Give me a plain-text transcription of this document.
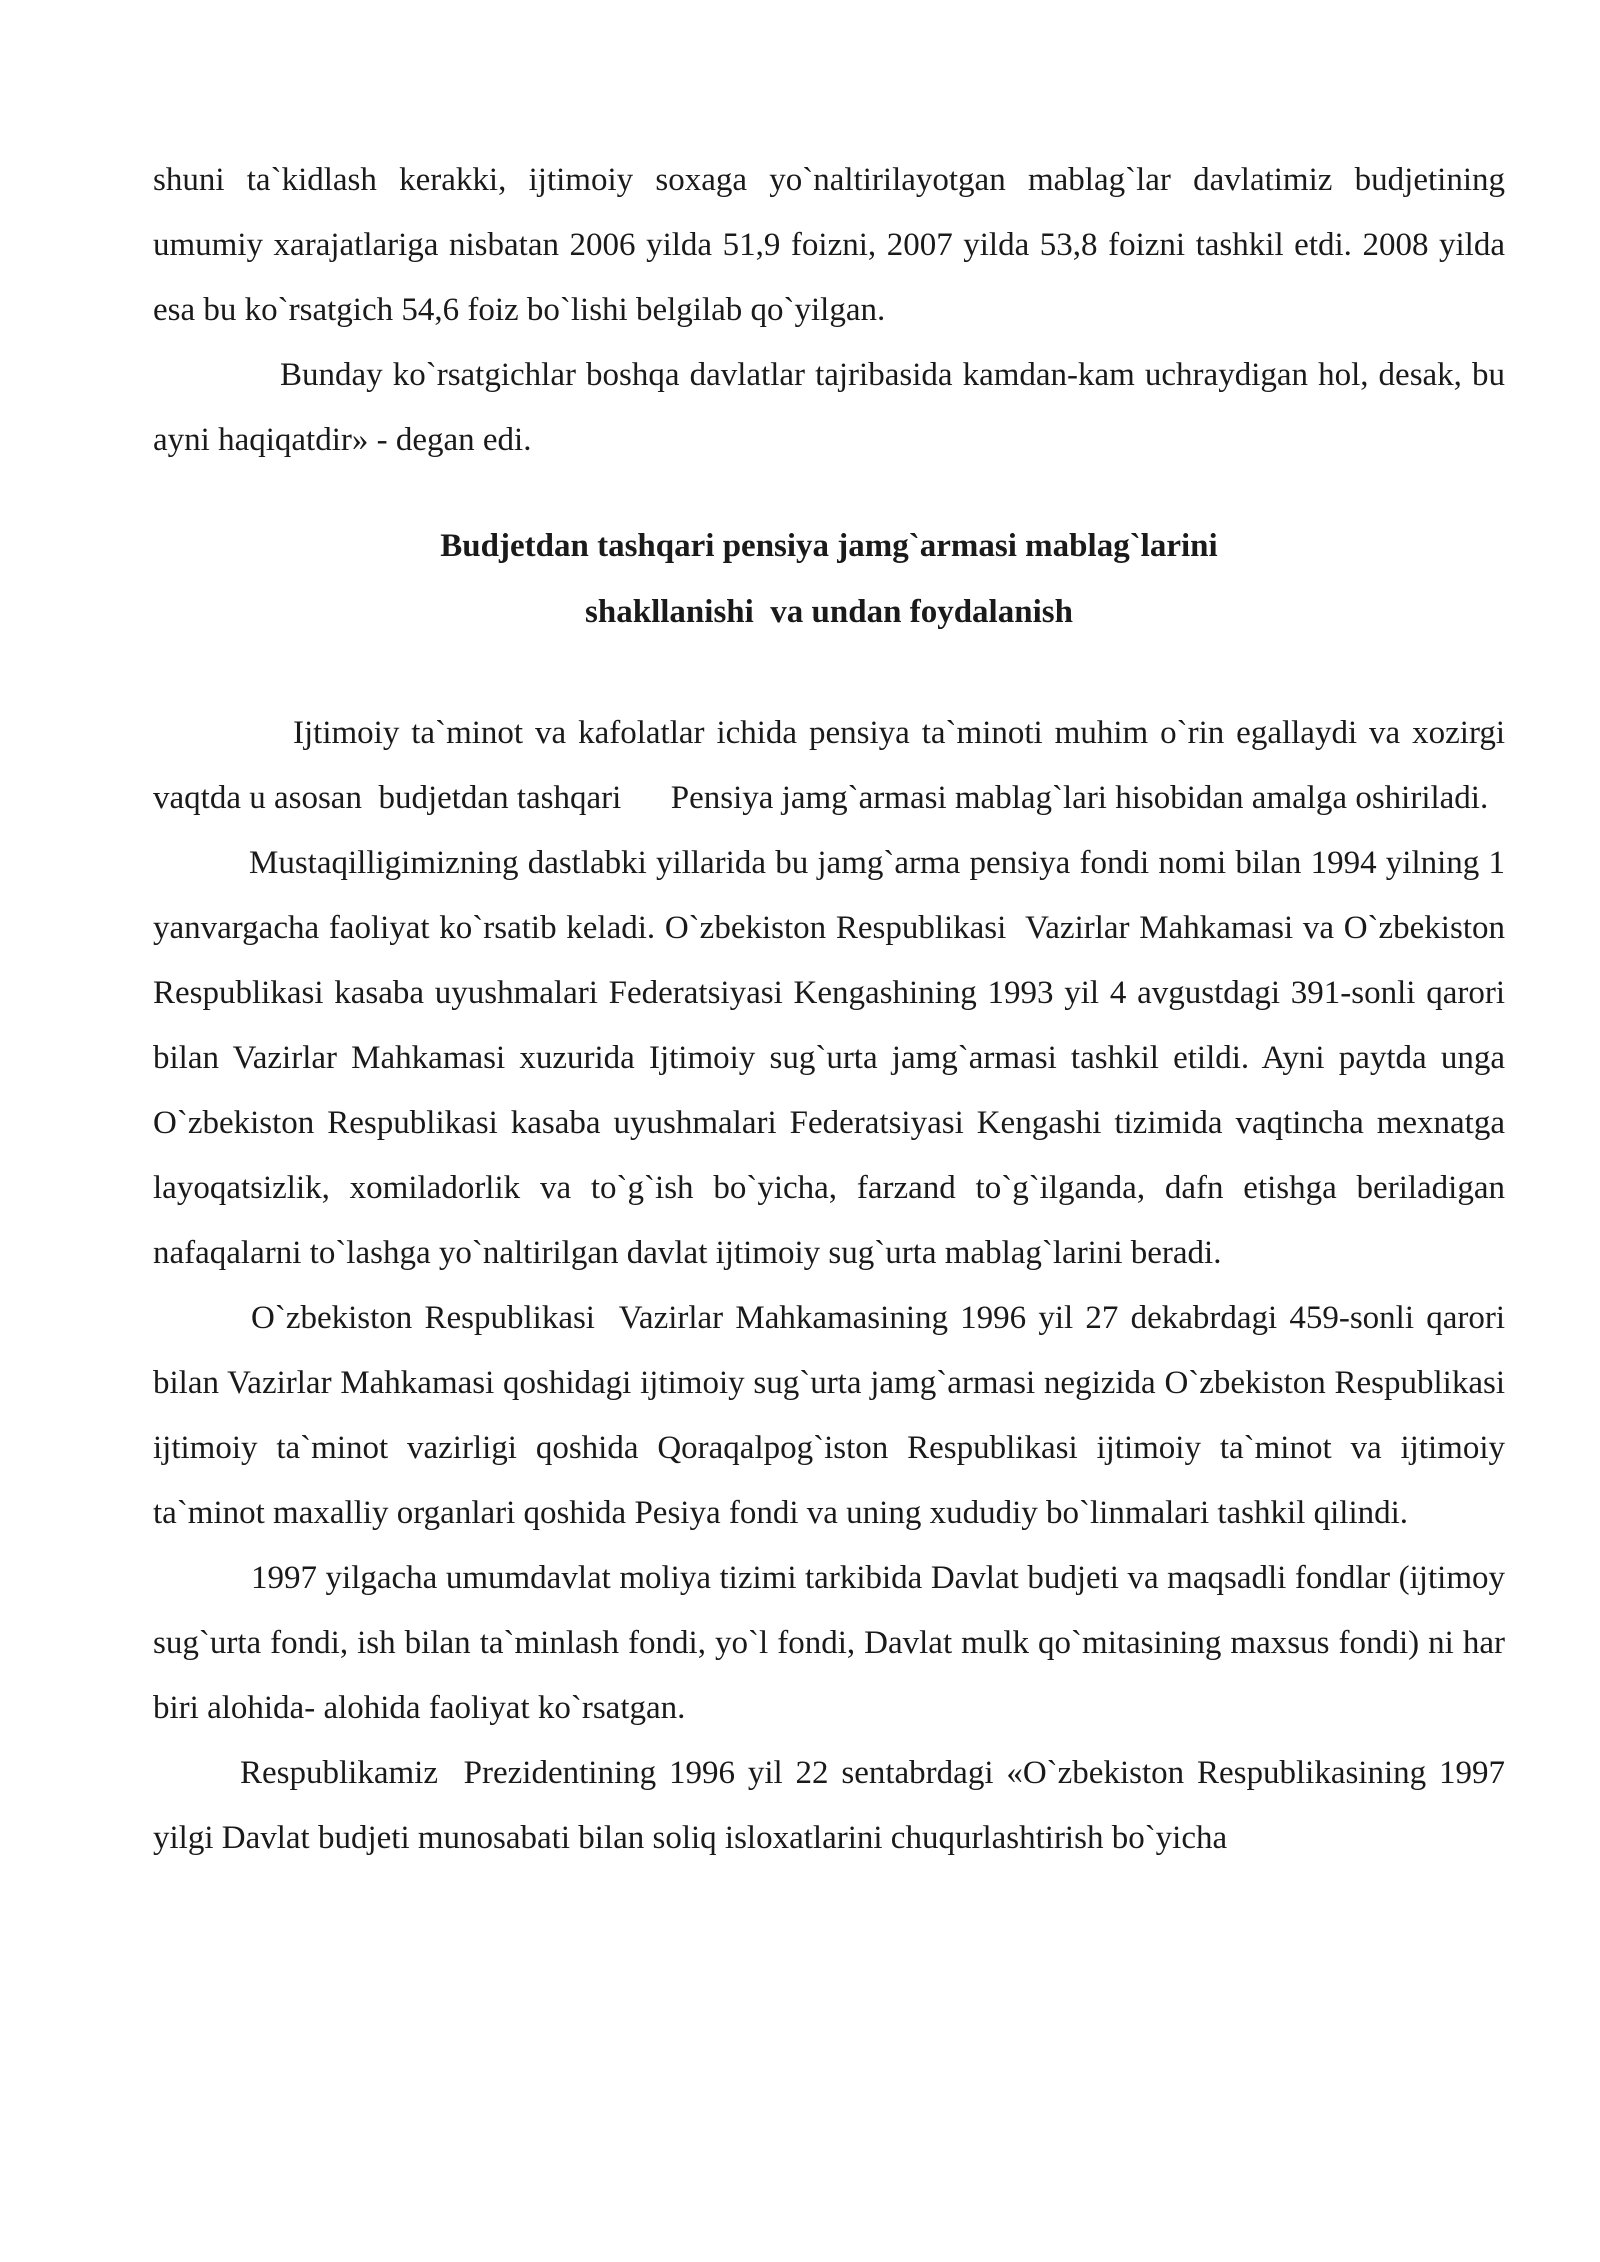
shuni ta`kidlash kerakki, ijtimoiy soxaga yo`naltirilayotgan mablag`lar davlatimiz budjetining umumiy xarajatlariga nisbatan 2006 yilda 51,9 foizni, 2007 yilda 53,8 foizni tashkil etdi. 2008 yilda esa bu ko`rsatgich 54,6 foiz bo`lishi belgilab qo`yilgan.

Bunday ko`rsatgichlar boshqa davlatlar tajribasida kamdan-kam uchraydigan hol, desak, bu ayni haqiqatdir» - degan edi.

Budjetdan tashqari pensiya jamg`armasi mablag`larini

shakllanishi  va undan foydalanish

Ijtimoiy ta`minot va kafolatlar ichida pensiya ta`minoti muhim o`rin egallaydi va xozirgi vaqtda u asosan  budjetdan tashqari      Pensiya jamg`armasi mablag`lari hisobidan amalga oshiriladi.

Mustaqilligimizning dastlabki yillarida bu jamg`arma pensiya fondi nomi bilan 1994 yilning 1 yanvargacha faoliyat ko`rsatib keladi. O`zbekiston Respublikasi  Vazirlar Mahkamasi va O`zbekiston Respublikasi kasaba uyushmalari Federatsiyasi Kengashining 1993 yil 4 avgustdagi 391-sonli qarori bilan Vazirlar Mahkamasi xuzurida Ijtimoiy sug`urta jamg`armasi tashkil etildi. Ayni paytda unga O`zbekiston Respublikasi kasaba uyushmalari Federatsiyasi Kengashi tizimida vaqtincha mexnatga layoqatsizlik, xomiladorlik va to`g`ish bo`yicha, farzand to`g`ilganda, dafn etishga beriladigan nafaqalarni to`lashga yo`naltirilgan davlat ijtimoiy sug`urta mablag`larini beradi.

O`zbekiston Respublikasi  Vazirlar Mahkamasining 1996 yil 27 dekabrdagi 459-sonli qarori bilan Vazirlar Mahkamasi qoshidagi ijtimoiy sug`urta jamg`armasi negizida O`zbekiston Respublikasi  ijtimoiy ta`minot vazirligi qoshida Qoraqalpog`iston Respublikasi ijtimoiy ta`minot va ijtimoiy ta`minot maxalliy organlari qoshida Pesiya fondi va uning xududiy bo`linmalari tashkil qilindi.

1997 yilgacha umumdavlat moliya tizimi tarkibida Davlat budjeti va maqsadli fondlar (ijtimoy sug`urta fondi, ish bilan ta`minlash fondi, yo`l fondi, Davlat mulk qo`mitasining maxsus fondi) ni har biri alohida- alohida faoliyat ko`rsatgan.

Respublikamiz  Prezidentining 1996 yil 22 sentabrdagi «O`zbekiston Respublikasining 1997 yilgi Davlat budjeti munosabati bilan soliq isloxatlarini chuqurlashtirish bo`yicha
